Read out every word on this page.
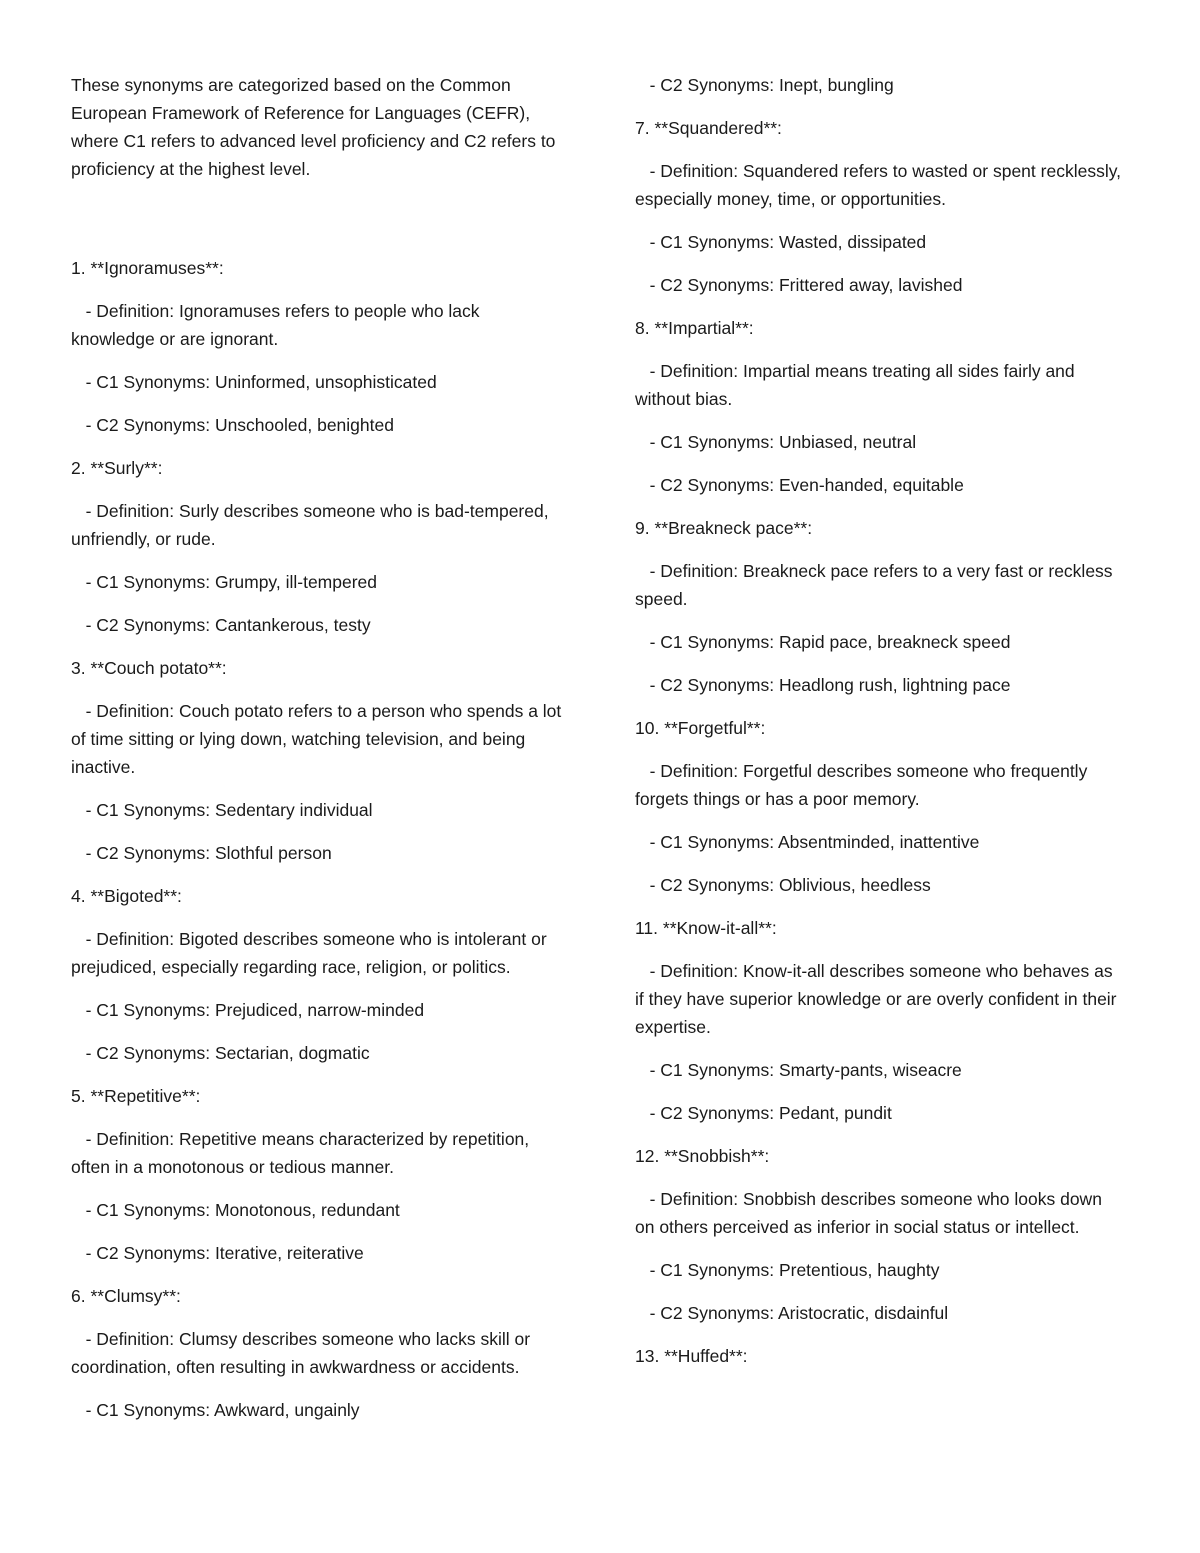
These synonyms are categorized based on the Common European Framework of Reference for Languages (CEFR), where C1 refers to advanced level proficiency and C2 refers to proficiency at the highest level.

1. **Ignoramuses**:

- Definition: Ignoramuses refers to people who lack knowledge or are ignorant.

- C1 Synonyms: Uninformed, unsophisticated

- C2 Synonyms: Unschooled, benighted

2. **Surly**:

- Definition: Surly describes someone who is bad-tempered, unfriendly, or rude.

- C1 Synonyms: Grumpy, ill-tempered

- C2 Synonyms: Cantankerous, testy

3. **Couch potato**:

- Definition: Couch potato refers to a person who spends a lot of time sitting or lying down, watching television, and being inactive.

- C1 Synonyms: Sedentary individual

- C2 Synonyms: Slothful person

4. **Bigoted**:

- Definition: Bigoted describes someone who is intolerant or prejudiced, especially regarding race, religion, or politics.

- C1 Synonyms: Prejudiced, narrow-minded

- C2 Synonyms: Sectarian, dogmatic

5. **Repetitive**:

- Definition: Repetitive means characterized by repetition, often in a monotonous or tedious manner.

- C1 Synonyms: Monotonous, redundant

- C2 Synonyms: Iterative, reiterative

6. **Clumsy**:

- Definition: Clumsy describes someone who lacks skill or coordination, often resulting in awkwardness or accidents.

- C1 Synonyms: Awkward, ungainly

- C2 Synonyms: Inept, bungling

7. **Squandered**:

- Definition: Squandered refers to wasted or spent recklessly, especially money, time, or opportunities.

- C1 Synonyms: Wasted, dissipated

- C2 Synonyms: Frittered away, lavished

8. **Impartial**:

- Definition: Impartial means treating all sides fairly and without bias.

- C1 Synonyms: Unbiased, neutral

- C2 Synonyms: Even-handed, equitable

9. **Breakneck pace**:

- Definition: Breakneck pace refers to a very fast or reckless speed.

- C1 Synonyms: Rapid pace, breakneck speed

- C2 Synonyms: Headlong rush, lightning pace

10. **Forgetful**:

- Definition: Forgetful describes someone who frequently forgets things or has a poor memory.

- C1 Synonyms: Absentminded, inattentive

- C2 Synonyms: Oblivious, heedless

11. **Know-it-all**:

- Definition: Know-it-all describes someone who behaves as if they have superior knowledge or are overly confident in their expertise.

- C1 Synonyms: Smarty-pants, wiseacre

- C2 Synonyms: Pedant, pundit

12. **Snobbish**:

- Definition: Snobbish describes someone who looks down on others perceived as inferior in social status or intellect.

- C1 Synonyms: Pretentious, haughty

- C2 Synonyms: Aristocratic, disdainful

13. **Huffed**:
